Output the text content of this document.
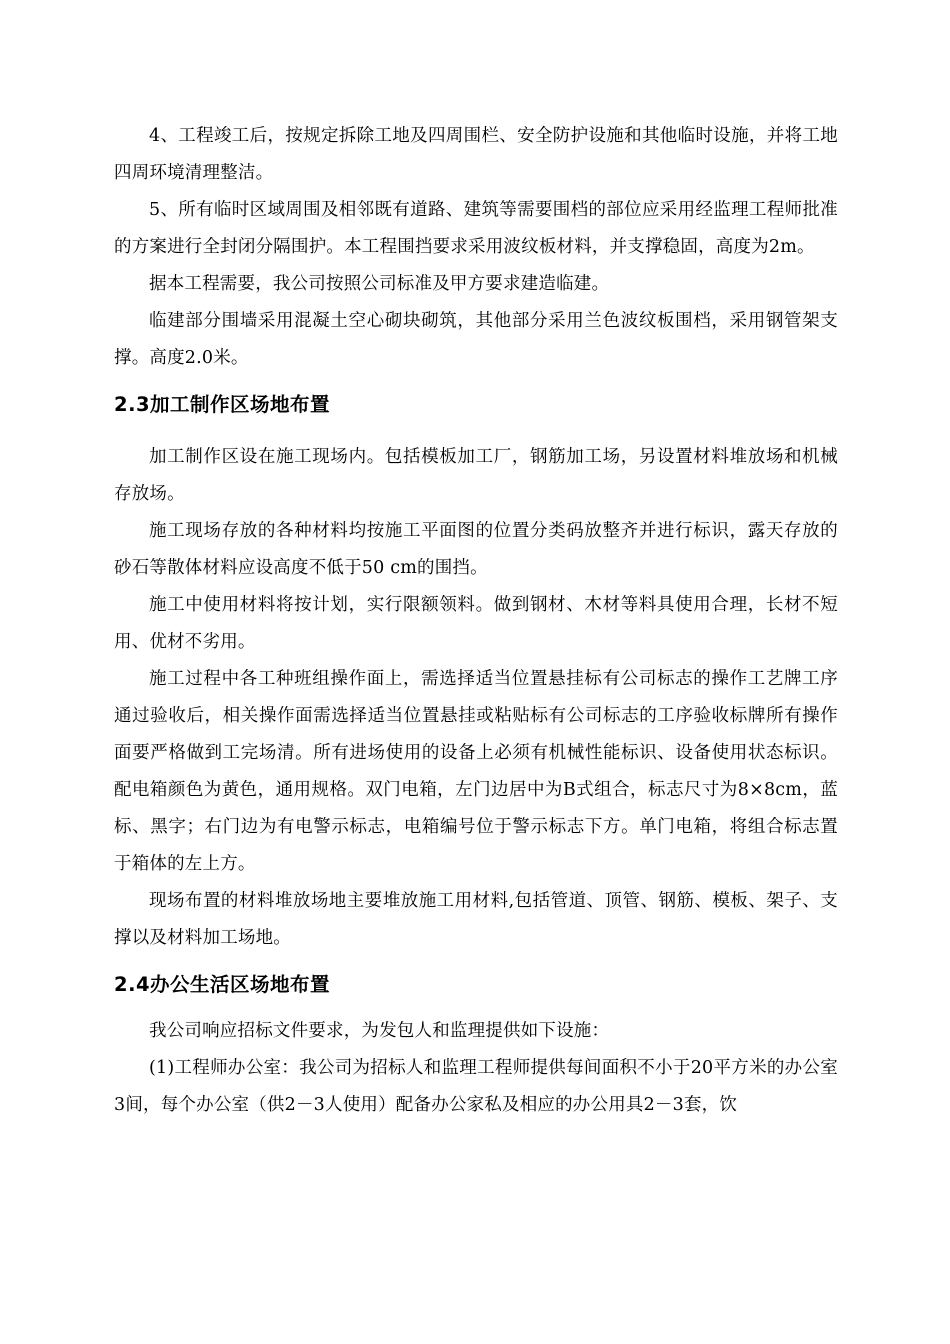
4、工程竣工后，按规定拆除工地及四周围栏、安全防护设施和其他临时设施，并将工地四周环境清理整洁。

5、所有临时区域周围及相邻既有道路、建筑等需要围档的部位应采用经监理工程师批准的方案进行全封闭分隔围护。本工程围挡要求采用波纹板材料，并支撑稳固，高度为2m。

据本工程需要，我公司按照公司标准及甲方要求建造临建。

临建部分围墙采用混凝土空心砌块砌筑，其他部分采用兰色波纹板围档，采用钢管架支撑。高度2.0米。

2.3加工制作区场地布置

加工制作区设在施工现场内。包括模板加工厂，钢筋加工场，另设置材料堆放场和机械存放场。

施工现场存放的各种材料均按施工平面图的位置分类码放整齐并进行标识，露天存放的砂石等散体材料应设高度不低于50 cm的围挡。

施工中使用材料将按计划，实行限额领料。做到钢材、木材等料具使用合理，长材不短用、优材不劣用。

施工过程中各工种班组操作面上，需选择适当位置悬挂标有公司标志的操作工艺牌工序通过验收后，相关操作面需选择适当位置悬挂或粘贴标有公司标志的工序验收标牌所有操作面要严格做到工完场清。所有进场使用的设备上必须有机械性能标识、设备使用状态标识。配电箱颜色为黄色，通用规格。双门电箱，左门边居中为B式组合，标志尺寸为8×8cm，蓝标、黑字；右门边为有电警示标志，电箱编号位于警示标志下方。单门电箱，将组合标志置于箱体的左上方。

现场布置的材料堆放场地主要堆放施工用材料,包括管道、顶管、钢筋、模板、架子、支撑以及材料加工场地。

2.4办公生活区场地布置

我公司响应招标文件要求，为发包人和监理提供如下设施：

(1)工程师办公室：我公司为招标人和监理工程师提供每间面积不小于20平方米的办公室3间，每个办公室（供2－3人使用）配备办公家私及相应的办公用具2－3套，饮
